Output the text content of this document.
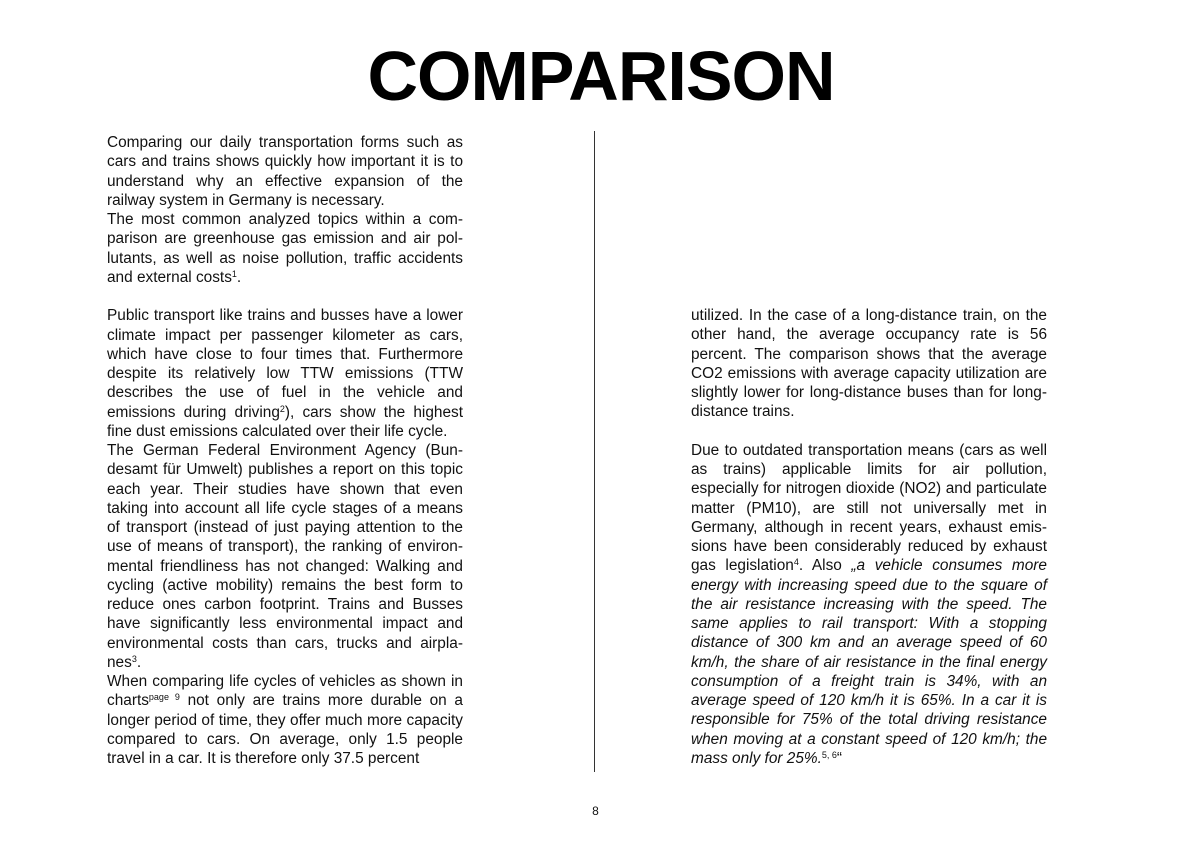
COMPARISON

Comparing our daily transportation forms such as cars and trains shows quickly how important it is to understand why an effective expansion of the railway system in Germany is necessary.

The most common analyzed topics within a comparison are greenhouse gas emission and air pollutants, as well as noise pollution, traffic accidents and external costs$^1$.

Public transport like trains and busses have a lower climate impact per passenger kilometer as cars, which have close to four times that. Furthermore despite its relatively low TTW emissions (TTW describes the use of fuel in the vehicle and emissions during driving$^2$), cars show the highest fine dust emissions calculated over their life cycle.

The German Federal Environment Agency (Bundesamt für Umwelt) publishes a report on this topic each year. Their studies have shown that even taking into account all life cycle stages of a means of transport (instead of just paying attention to the use of means of transport), the ranking of environmental friendliness has not changed: Walking and cycling (active mobility) remains the best form to reduce ones carbon footprint. Trains and Busses have significantly less environmental impact and environmental costs than cars, trucks and airplanes$^3$.

When comparing life cycles of vehicles as shown in charts$^{page 9}$ not only are trains more durable on a longer period of time, they offer much more capacity compared to cars. On average, only 1.5 people travel in a car. It is therefore only 37.5 percent

utilized. In the case of a long-distance train, on the other hand, the average occupancy rate is 56 percent. The comparison shows that the average CO2 emissions with average capacity utilization are slightly lower for long-distance buses than for long-distance trains.

Due to outdated transportation means (cars as well as trains) applicable limits for air pollution, especially for nitrogen dioxide (NO2) and particulate matter (PM10), are still not universally met in Germany, although in recent years, exhaust emissions have been considerably reduced by exhaust gas legislation$^4$. Also „a vehicle consumes more energy with increasing speed due to the square of the air resistance increasing with the speed. The same applies to rail transport: With a stopping distance of 300 km and an average speed of 60 km/h, the share of air resistance in the final energy consumption of a freight train is 34%, with an average speed of 120 km/h it is 65%. In a car it is responsible for 75% of the total driving resistance when moving at a constant speed of 120 km/h; the mass only for 25%.$^{5, 6}$“

8
